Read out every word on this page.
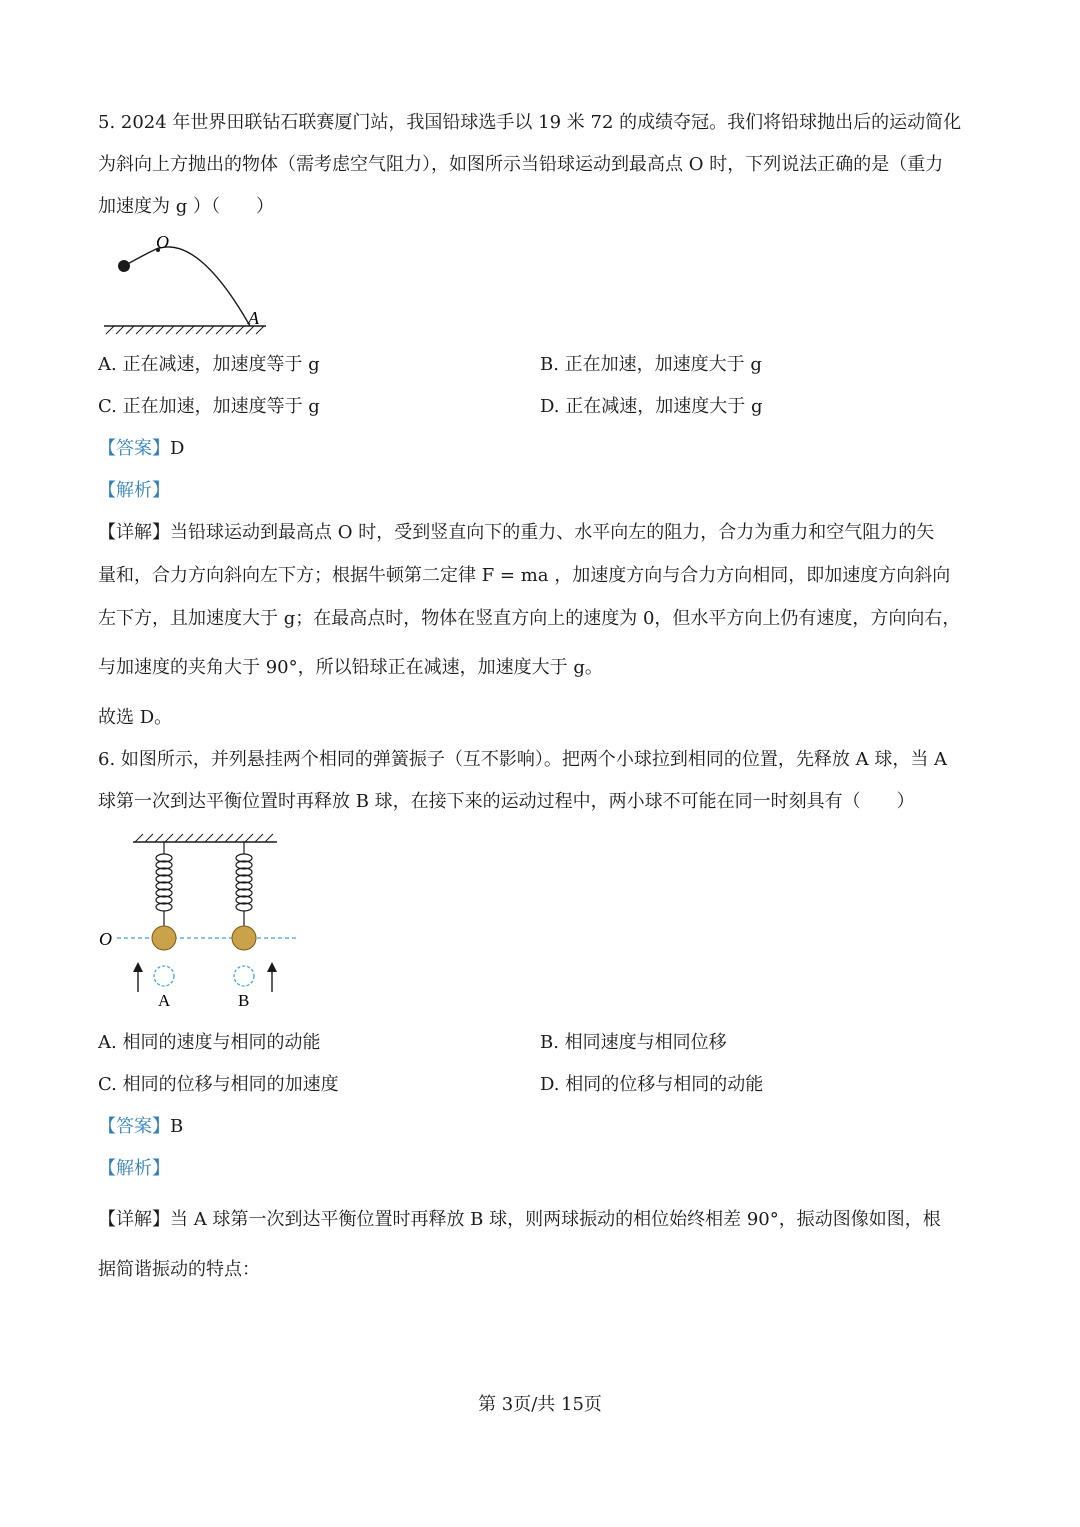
5. 2024 年世界田联钻石联赛厦门站，我国铅球选手以 19 米 72 的成绩夺冠。我们将铅球抛出后的运动简化
为斜向上方抛出的物体（需考虑空气阻力），如图所示当铅球运动到最高点 O 时，下列说法正确的是（重力
加速度为 g ）（　　）
O
A
A. 正在减速，加速度等于 g	B. 正在加速，加速度大于 g
C. 正在加速，加速度等于 g	D. 正在减速，加速度大于 g
【答案】D
【解析】
【详解】当铅球运动到最高点 O 时，受到竖直向下的重力、水平向左的阻力，合力为重力和空气阻力的矢
量和，合力方向斜向左下方；根据牛顿第二定律 F = ma ，加速度方向与合力方向相同，即加速度方向斜向
左下方，且加速度大于 g；在最高点时，物体在竖直方向上的速度为 0，但水平方向上仍有速度，方向向右，
与加速度的夹角大于 90°，所以铅球正在减速，加速度大于 g。
故选 D。
6. 如图所示，并列悬挂两个相同的弹簧振子（互不影响）。把两个小球拉到相同的位置，先释放 A 球，当 A
球第一次到达平衡位置时再释放 B 球，在接下来的运动过程中，两小球不可能在同一时刻具有（　　）
O
A	B
A. 相同的速度与相同的动能	B. 相同速度与相同位移
C. 相同的位移与相同的加速度	D. 相同的位移与相同的动能
【答案】B
【解析】
【详解】当 A 球第一次到达平衡位置时再释放 B 球，则两球振动的相位始终相差 90°，振动图像如图，根
据简谐振动的特点：
第 3页/共 15页
